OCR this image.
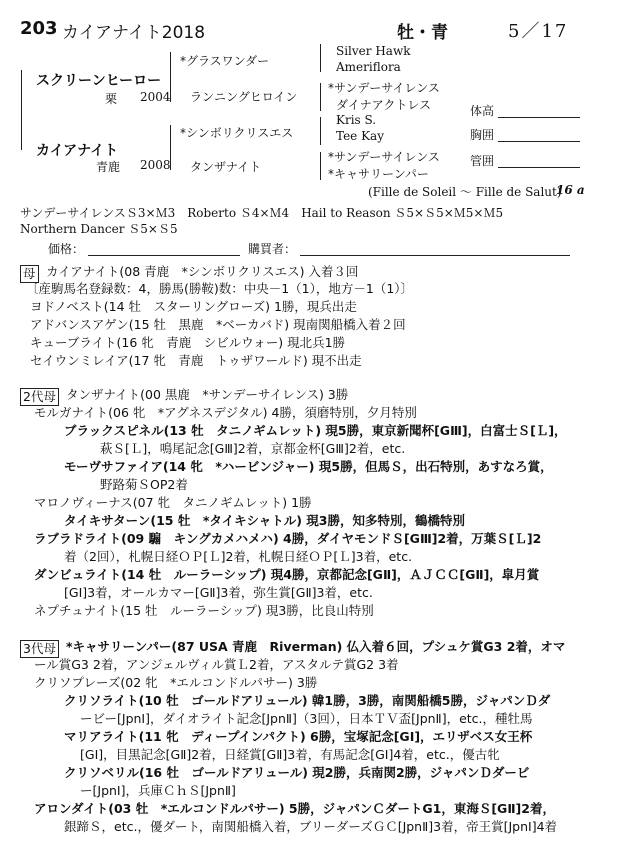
203 カイアナイト2018	牡・青	5／17
スクリーンヒーロー
栗 2004
カイアナイト
青鹿 2008
*グラスワンダー
ランニングヒロイン
*シンボリクリスエス
タンザナイト
Silver Hawk
Ameriflora
*サンデーサイレンス
ダイナアクトレス
Kris S.
Tee Kay
*サンデーサイレンス
*キャサリーンパー
(Fille de Soleil ～ Fille de Salut)
16 a
体高
胸囲
管囲
サンデーサイレンスＳ3×Ｍ3　Roberto Ｓ4×Ｍ4　Hail to Reason Ｓ5×Ｓ5×Ｍ5×Ｍ5
Northern Dancer Ｓ5×Ｓ5
価格：	購買者：
母 カイアナイト(08 青鹿　*シンボリクリスエス) 入着３回
〔産駒馬名登録数：4，勝馬(勝鞍)数：中央－1（1），地方－1（1）〕
ヨドノベスト(14 牡　スターリングローズ) 1勝，現兵出走
アドバンスアゲン(15 牡　黒鹿　*ベーカバド) 現南関船橋入着２回
キューブライト(16 牝　青鹿　シビルウォー) 現北兵1勝
セイウンミレイア(17 牝　青鹿　トゥザワールド) 現不出走
2代母 タンザナイト(00 黒鹿　*サンデーサイレンス) 3勝
モルガナイト(06 牝　*アグネスデジタル) 4勝，須磨特別，夕月特別
ブラックスピネル(13 牡　タニノギムレット) 現5勝，東京新聞杯[GⅢ]，白富士Ｓ[Ｌ]，
萩Ｓ[Ｌ]，鳴尾記念[GⅢ]2着，京都金杯[GⅢ]2着，etc.
モーヴサファイア(14 牝　*ハービンジャー) 現5勝，但馬Ｓ，出石特別，あすなろ賞，
野路菊ＳOP2着
マロノヴィーナス(07 牝　タニノギムレット) 1勝
タイキサターン(15 牡　*タイキシャトル) 現3勝，知多特別，鶴橋特別
ラブラドライト(09 騸　キングカメハメハ) 4勝，ダイヤモンドＳ[GⅢ]2着，万葉Ｓ[Ｌ]2
着（2回），札幌日経ＯＰ[Ｌ]2着，札幌日経ＯＰ[Ｌ]3着，etc.
ダンビュライト(14 牡　ルーラーシップ) 現4勝，京都記念[GⅡ]，ＡＪＣＣ[GⅡ]，皐月賞
[GⅠ]3着，オールカマー[GⅡ]3着，弥生賞[GⅡ]3着，etc.
ネプチュナイト(15 牡　ルーラーシップ) 現3勝，比良山特別
3代母 *キャサリーンパー(87 USA 青鹿　Riverman) 仏入着６回，プシュケ賞G3 2着，オマ
ール賞G3 2着，アンジェルヴィル賞Ｌ2着，アスタルテ賞G2 3着
クリソプレーズ(02 牝　*エルコンドルパサー) 3勝
クリソライト(10 牡　ゴールドアリュール) 韓1勝，3勝，南関船橋5勝，ジャパンＤダ
ービー[JpnⅠ]，ダイオライト記念[JpnⅡ]（3回），日本ＴＶ盃[JpnⅡ]，etc.，種牡馬
マリアライト(11 牝　ディープインパクト) 6勝，宝塚記念[GⅠ]，エリザベス女王杯
[GⅠ]，目黒記念[GⅡ]2着，日経賞[GⅡ]3着，有馬記念[GⅠ]4着，etc.，優古牝
クリソベリル(16 牡　ゴールドアリュール) 現2勝，兵南関2勝，ジャパンＤダービ
ー[JpnⅠ]，兵庫ＣｈＳ[JpnⅡ]
アロンダイト(03 牡　*エルコンドルパサー) 5勝，ジャパンＣダートG1，東海Ｓ[GⅡ]2着，
銀蹄Ｓ，etc.，優ダート，南関船橋入着，ブリーダーズＧＣ[JpnⅡ]3着，帝王賞[JpnⅠ]4着
